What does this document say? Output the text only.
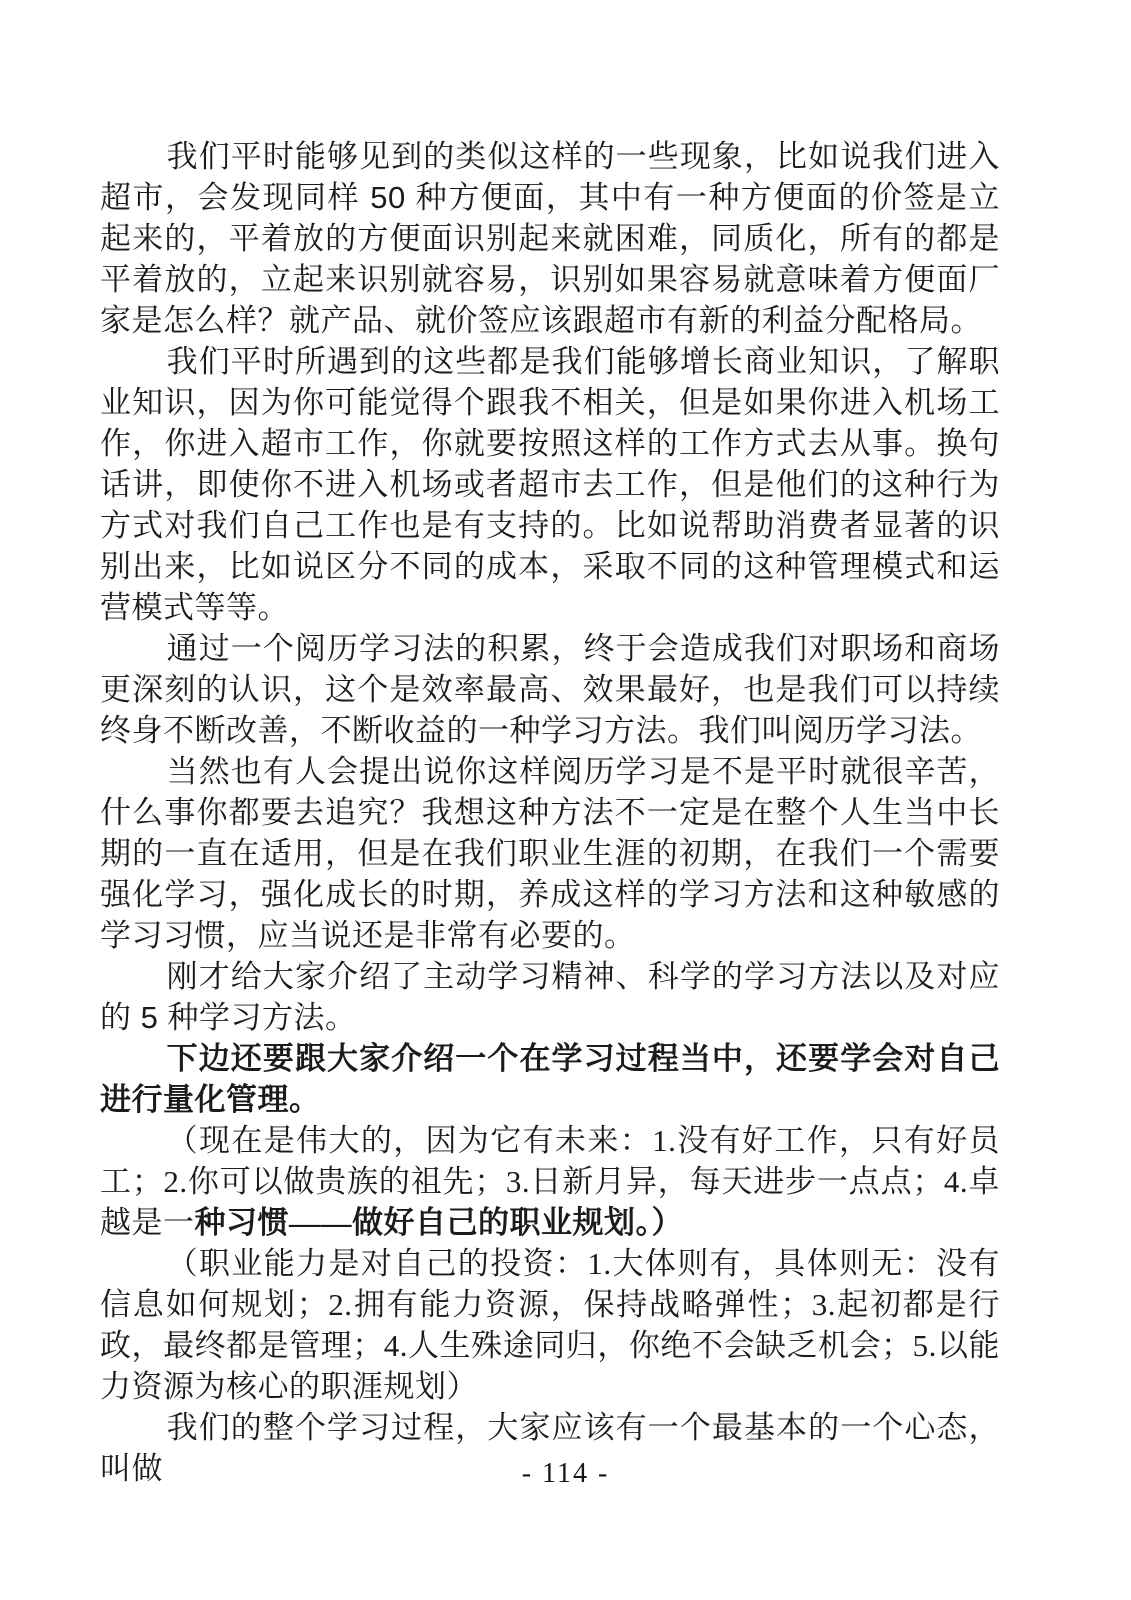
我们平时能够见到的类似这样的一些现象，比如说我们进入超市，会发现同样 50 种方便面，其中有一种方便面的价签是立起来的，平着放的方便面识别起来就困难，同质化，所有的都是平着放的，立起来识别就容易，识别如果容易就意味着方便面厂家是怎么样？就产品、就价签应该跟超市有新的利益分配格局。

我们平时所遇到的这些都是我们能够增长商业知识，了解职业知识，因为你可能觉得个跟我不相关，但是如果你进入机场工作，你进入超市工作，你就要按照这样的工作方式去从事。换句话讲，即使你不进入机场或者超市去工作，但是他们的这种行为方式对我们自己工作也是有支持的。比如说帮助消费者显著的识别出来，比如说区分不同的成本，采取不同的这种管理模式和运营模式等等。

通过一个阅历学习法的积累，终于会造成我们对职场和商场更深刻的认识，这个是效率最高、效果最好，也是我们可以持续终身不断改善，不断收益的一种学习方法。我们叫阅历学习法。

当然也有人会提出说你这样阅历学习是不是平时就很辛苦，什么事你都要去追究？我想这种方法不一定是在整个人生当中长期的一直在适用，但是在我们职业生涯的初期，在我们一个需要强化学习，强化成长的时期，养成这样的学习方法和这种敏感的学习习惯，应当说还是非常有必要的。

刚才给大家介绍了主动学习精神、科学的学习方法以及对应的 5 种学习方法。

下边还要跟大家介绍一个在学习过程当中，还要学会对自己进行量化管理。

（现在是伟大的，因为它有未来：1.没有好工作，只有好员工；2.你可以做贵族的祖先；3.日新月异，每天进步一点点；4.卓越是一种习惯——做好自己的职业规划。）

（职业能力是对自己的投资：1.大体则有，具体则无：没有信息如何规划；2.拥有能力资源，保持战略弹性；3.起初都是行政，最终都是管理；4.人生殊途同归，你绝不会缺乏机会；5.以能力资源为核心的职涯规划）

我们的整个学习过程，大家应该有一个最基本的一个心态，叫做	- 114 -
